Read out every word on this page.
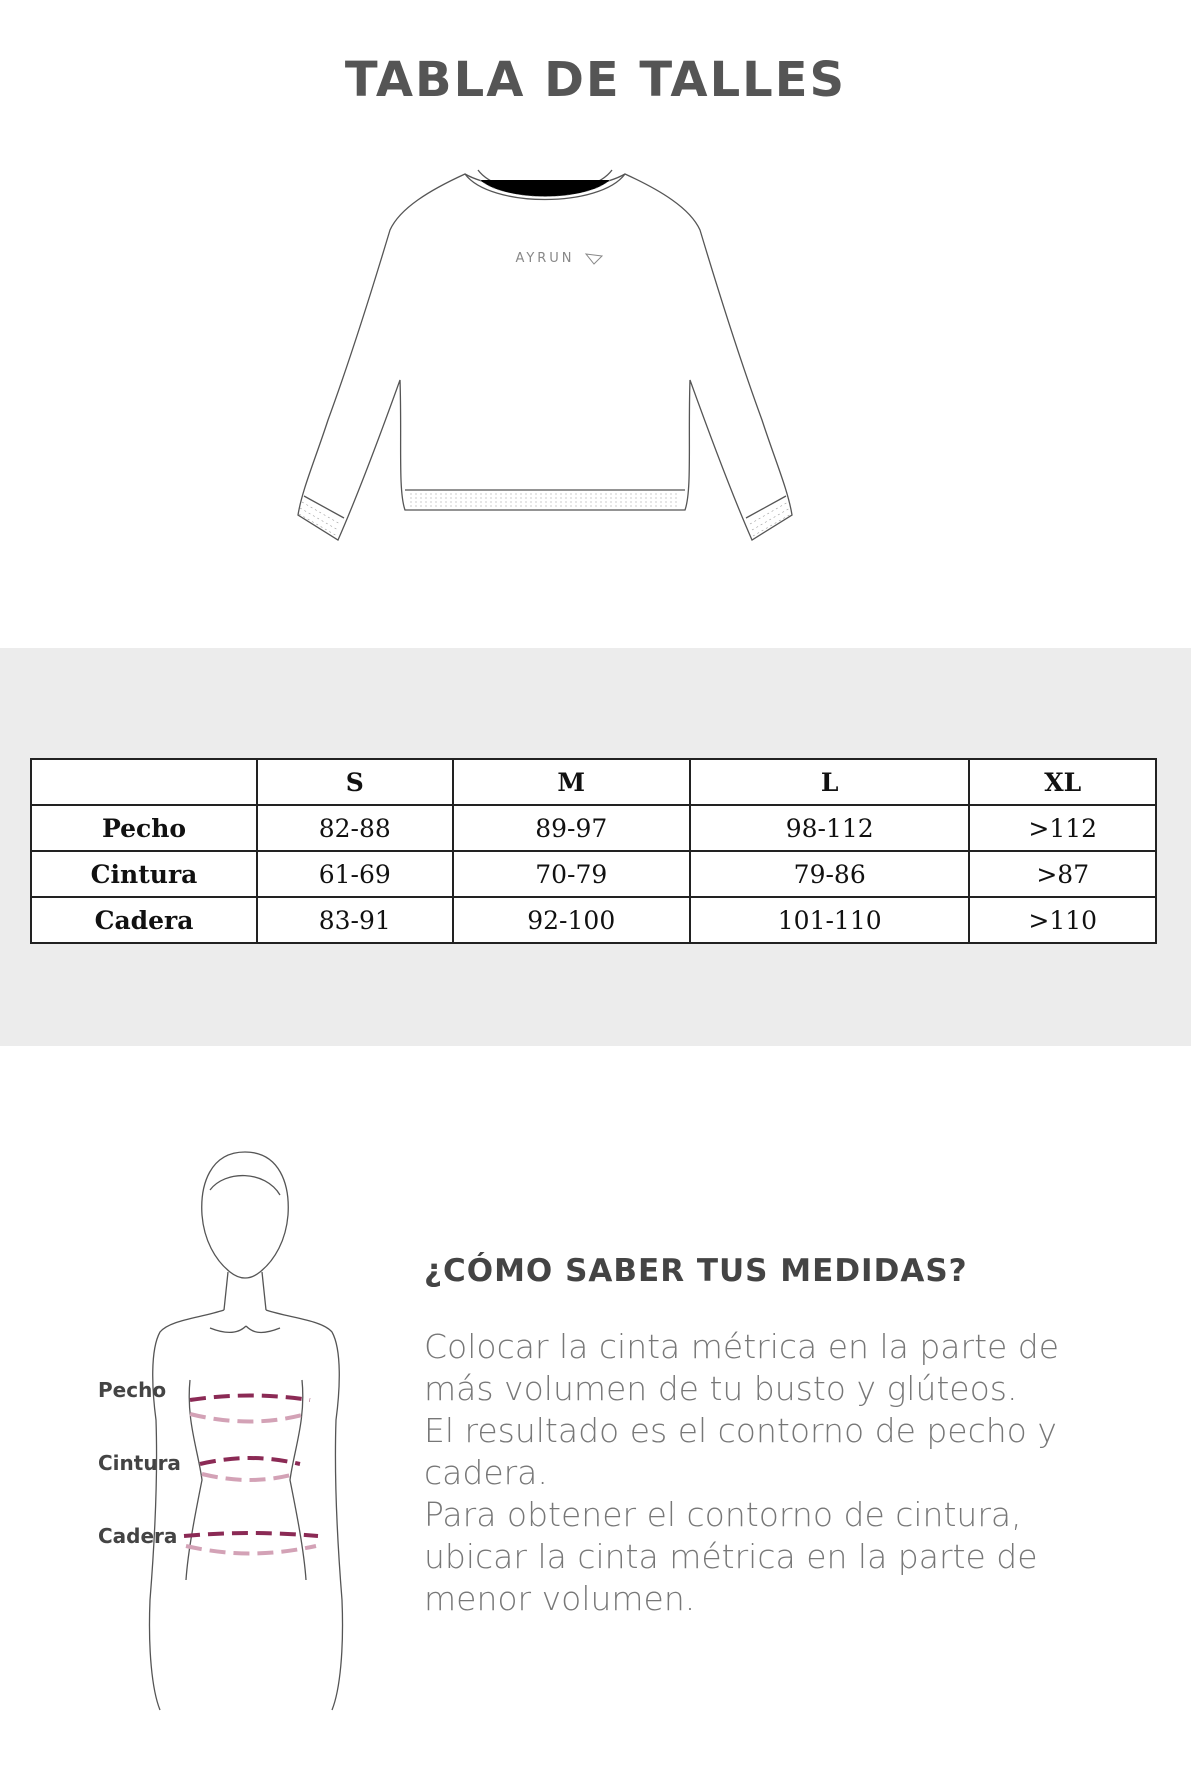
TABLA DE TALLES
AYRUN
	S	M	L	XL
Pecho	82-88	89-97	98-112	>112
Cintura	61-69	70-79	79-86	>87
Cadera	83-91	92-100	101-110	>110
Pecho
Cintura
Cadera
¿CÓMO SABER TUS MEDIDAS?
Colocar la cinta métrica en la parte de
más volumen de tu busto y glúteos.
El resultado es el contorno de pecho y
cadera.
Para obtener el contorno de cintura,
ubicar la cinta métrica en la parte de
menor volumen.
